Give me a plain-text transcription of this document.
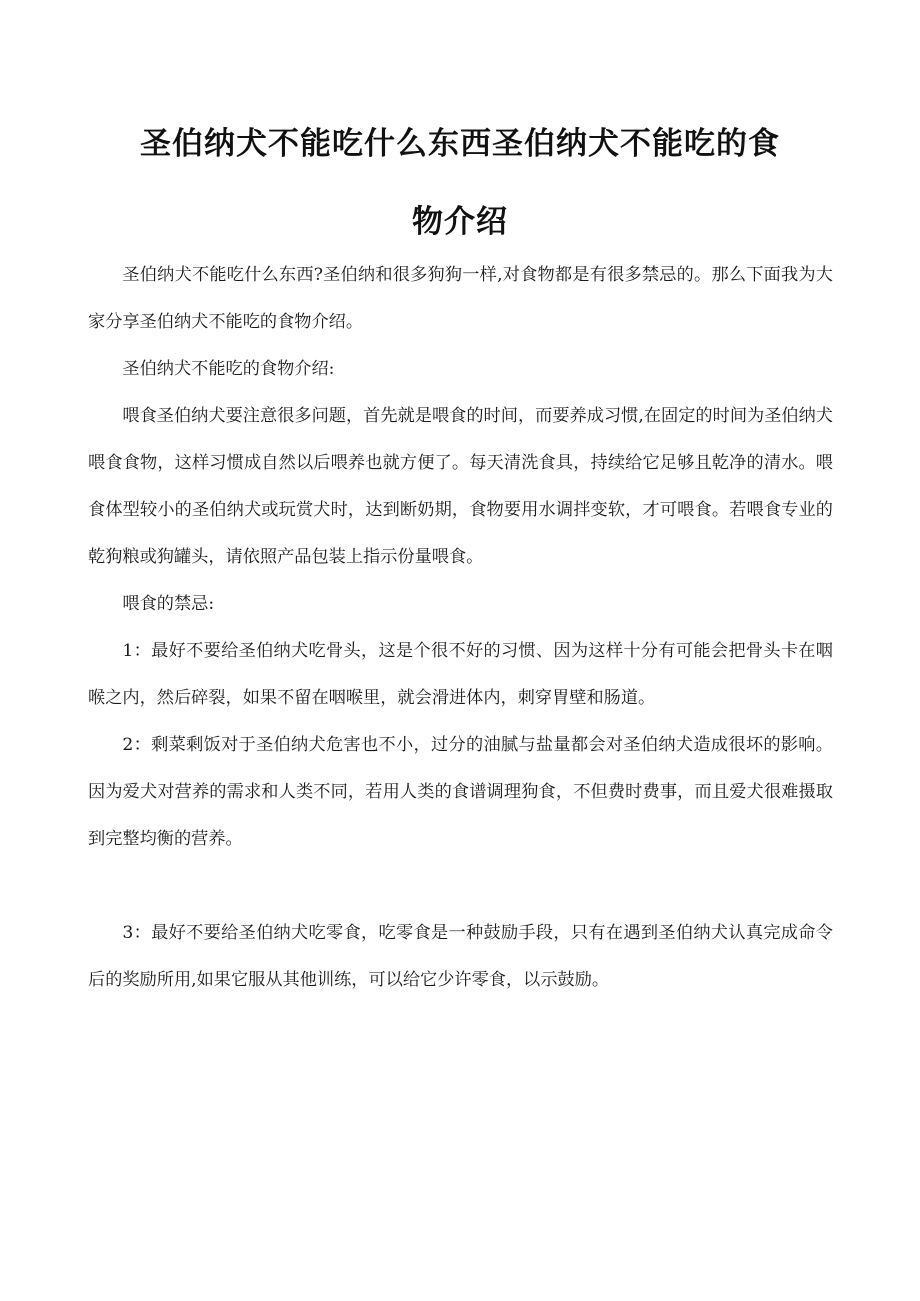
圣伯纳犬不能吃什么东西圣伯纳犬不能吃的食
物介绍

圣伯纳犬不能吃什么东西?圣伯纳和很多狗狗一样,对食物都是有很多禁忌的。那么下面我为大家分享圣伯纳犬不能吃的食物介绍。

圣伯纳犬不能吃的食物介绍:

喂食圣伯纳犬要注意很多问题，首先就是喂食的时间，而要养成习惯,在固定的时间为圣伯纳犬喂食食物，这样习惯成自然以后喂养也就方便了。每天清洗食具，持续给它足够且乾净的清水。喂食体型较小的圣伯纳犬或玩赏犬时，达到断奶期，食物要用水调拌变软，才可喂食。若喂食专业的乾狗粮或狗罐头，请依照产品包装上指示份量喂食。

喂食的禁忌:

1：最好不要给圣伯纳犬吃骨头，这是个很不好的习惯、因为这样十分有可能会把骨头卡在咽喉之内，然后碎裂，如果不留在咽喉里，就会滑进体内，刺穿胃壁和肠道。

2：剩菜剩饭对于圣伯纳犬危害也不小，过分的油腻与盐量都会对圣伯纳犬造成很坏的影响。因为爱犬对营养的需求和人类不同，若用人类的食谱调理狗食，不但费时费事，而且爱犬很难摄取到完整均衡的营养。

3：最好不要给圣伯纳犬吃零食，吃零食是一种鼓励手段，只有在遇到圣伯纳犬认真完成命令后的奖励所用,如果它服从其他训练，可以给它少许零食，以示鼓励。
